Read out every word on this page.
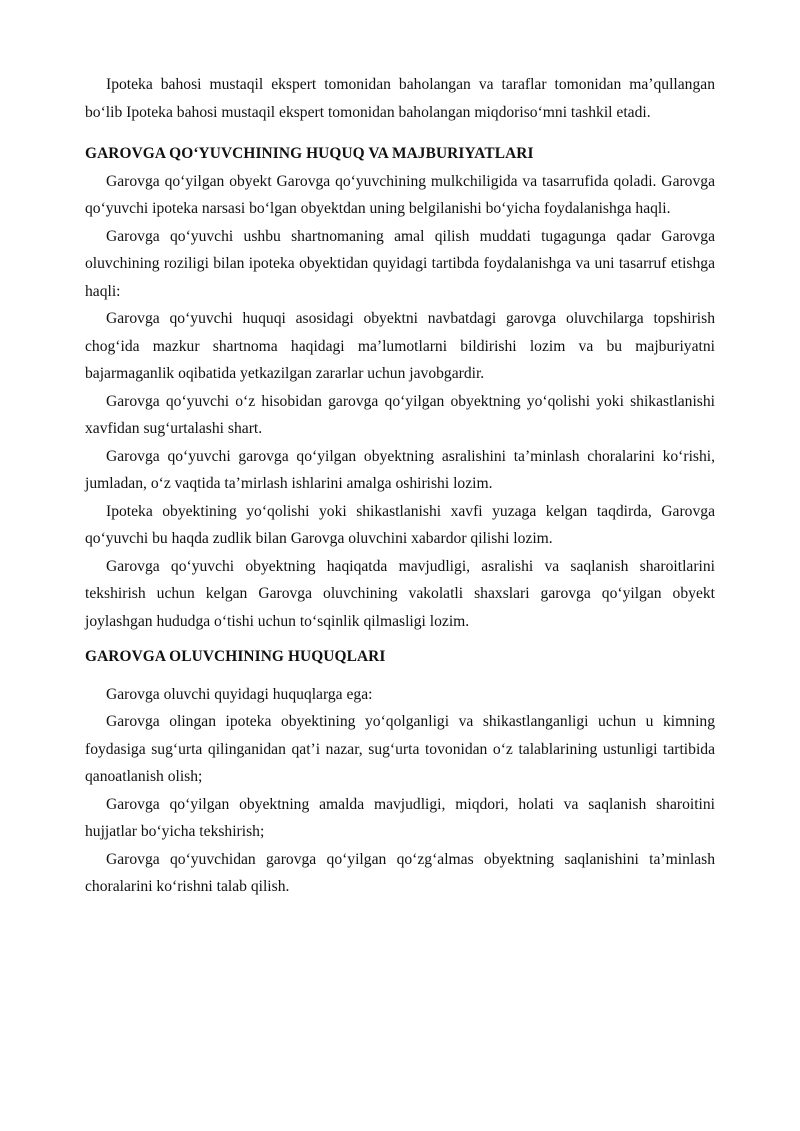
Ipoteka bahosi mustaqil ekspert tomonidan baholangan va taraflar tomonidan ma’qullangan bo‘lib Ipoteka bahosi mustaqil ekspert tomonidan baholangan miqdoriso‘mni tashkil etadi.

GAROVGA QO‘YUVCHINING HUQUQ VA MAJBURIYATLARI

Garovga qo‘yilgan obyekt Garovga qo‘yuvchining mulkchiligida va tasarrufida qoladi. Garovga qo‘yuvchi ipoteka narsasi bo‘lgan obyektdan uning belgilanishi bo‘yicha foydalanishga haqli.

Garovga qo‘yuvchi ushbu shartnomaning amal qilish muddati tugagunga qadar Garovga oluvchining roziligi bilan ipoteka obyektidan quyidagi tartibda foydalanishga va uni tasarruf etishga haqli:

Garovga qo‘yuvchi huquqi asosidagi obyektni navbatdagi garovga oluvchilarga topshirish chog‘ida mazkur shartnoma haqidagi ma’lumotlarni bildirishi lozim va bu majburiyatni bajarmaganlik oqibatida yetkazilgan zararlar uchun javobgardir.

Garovga qo‘yuvchi o‘z hisobidan garovga qo‘yilgan obyektning yo‘qolishi yoki shikastlanishi xavfidan sug‘urtalashi shart.

Garovga qo‘yuvchi garovga qo‘yilgan obyektning asralishini ta’minlash choralarini ko‘rishi, jumladan, o‘z vaqtida ta’mirlash ishlarini amalga oshirishi lozim.

Ipoteka obyektining yo‘qolishi yoki shikastlanishi xavfi yuzaga kelgan taqdirda, Garovga qo‘yuvchi bu haqda zudlik bilan Garovga oluvchini xabardor qilishi lozim.

Garovga qo‘yuvchi obyektning haqiqatda mavjudligi, asralishi va saqlanish sharoitlarini tekshirish uchun kelgan Garovga oluvchining vakolatli shaxslari garovga qo‘yilgan obyekt joylashgan hududga o‘tishi uchun to‘sqinlik qilmasligi lozim.

GAROVGA OLUVCHINING HUQUQLARI

Garovga oluvchi quyidagi huquqlarga ega:

Garovga olingan ipoteka obyektining yo‘qolganligi va shikastlanganligi uchun u kimning foydasiga sug‘urta qilinganidan qat’i nazar, sug‘urta tovonidan o‘z talablarining ustunligi tartibida qanoatlanish olish;

Garovga qo‘yilgan obyektning amalda mavjudligi, miqdori, holati va saqlanish sharoitini hujjatlar bo‘yicha tekshirish;

Garovga qo‘yuvchidan garovga qo‘yilgan qo‘zg‘almas obyektning saqlanishini ta’minlash choralarini ko‘rishni talab qilish.
